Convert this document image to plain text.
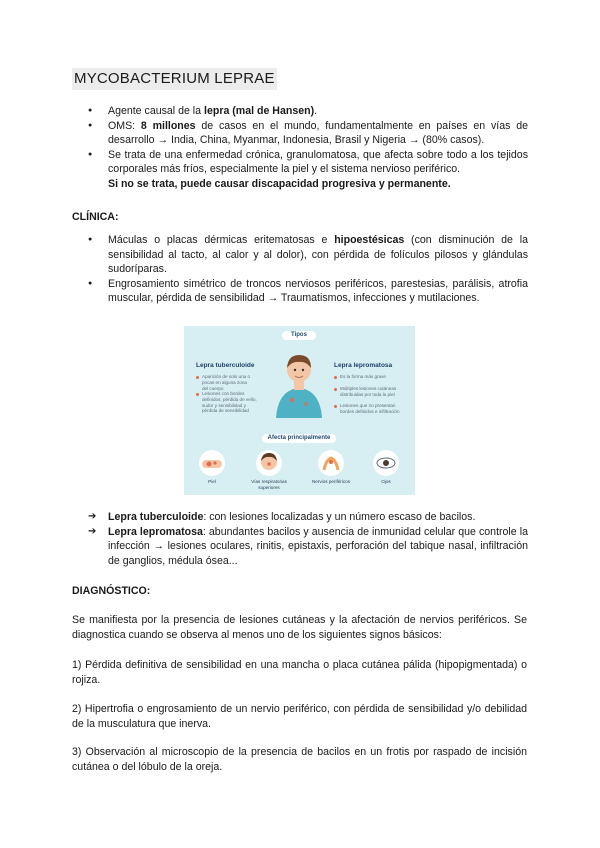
MYCOBACTERIUM LEPRAE
● Agente causal de la lepra (mal de Hansen).
● OMS: 8 millones de casos en el mundo, fundamentalmente en países en vías de desarrollo → India, China, Myanmar, Indonesia, Brasil y Nigeria → (80% casos).
● Se trata de una enfermedad crónica, granulomatosa, que afecta sobre todo a los tejidos corporales más fríos, especialmente la piel y el sistema nervioso periférico.

Si no se trata, puede causar discapacidad progresiva y permanente.

CLÍNICA:

● Máculas o placas dérmicas eritematosas e hipoestésicas (con disminución de la sensibilidad al tacto, al calor y al dolor), con pérdida de folículos pilosos y glándulas sudoríparas.
● Engrosamiento simétrico de troncos nerviosos periféricos, parestesias, parálisis, atrofia muscular, pérdida de sensibilidad → Traumatismos, infecciones y mutilaciones.
Tipos
Lepra tuberculoide
Aparición de solo una o pocas en alguna zona del cuerpo
Lesiones con bordes definidos, pérdida de vello, sudor y sensibilidad y pérdida de sensibilidad
Lepra lepromatosa
Es la forma más grave
Múltiples lesiones cutáneas distribuidas por toda la piel
Lesiones que no presentan bordes definidos e infiltración
Afecta principalmente
Piel	Vías respiratorias superiores
Nervios periféricos	Ojos
➔ Lepra tuberculoide: con lesiones localizadas y un número escaso de bacilos.
➔ Lepra lepromatosa: abundantes bacilos y ausencia de inmunidad celular que controle la infección → lesiones oculares, rinitis, epistaxis, perforación del tabique nasal, infiltración de ganglios, médula ósea...

DIAGNÓSTICO:

Se manifiesta por la presencia de lesiones cutáneas y la afectación de nervios periféricos. Se diagnostica cuando se observa al menos uno de los siguientes signos básicos:

1) Pérdida definitiva de sensibilidad en una mancha o placa cutánea pálida (hipopigmentada) o rojiza.

2) Hipertrofia o engrosamiento de un nervio periférico, con pérdida de sensibilidad y/o debilidad de la musculatura que inerva.

3) Observación al microscopio de la presencia de bacilos en un frotis por raspado de incisión cutánea o del lóbulo de la oreja.
